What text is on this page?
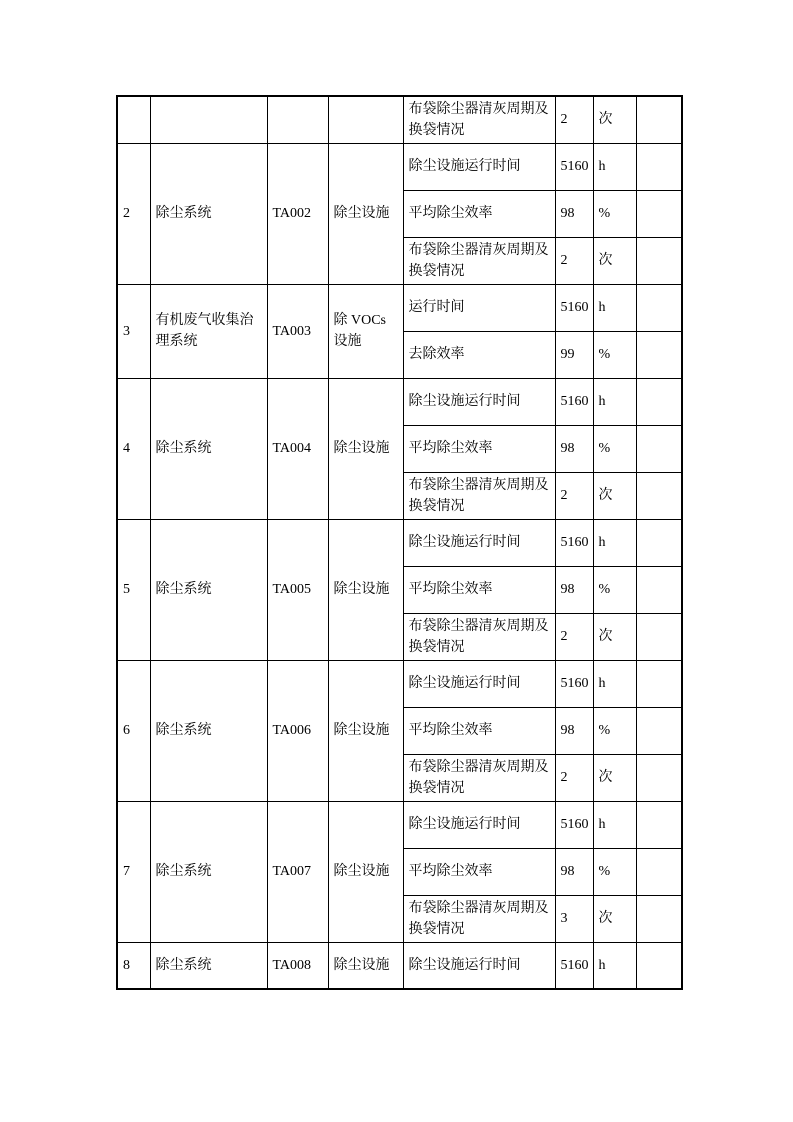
				布袋除尘器清灰周期及换袋情况	2	次	
2	除尘系统	TA002	除尘设施	除尘设施运行时间	5160	h	
				平均除尘效率	98	%	
				布袋除尘器清灰周期及换袋情况	2	次	
3	有机废气收集治理系统	TA003	除 VOCs 设施	运行时间	5160	h	
				去除效率	99	%	
4	除尘系统	TA004	除尘设施	除尘设施运行时间	5160	h	
				平均除尘效率	98	%	
				布袋除尘器清灰周期及换袋情况	2	次	
5	除尘系统	TA005	除尘设施	除尘设施运行时间	5160	h	
				平均除尘效率	98	%	
				布袋除尘器清灰周期及换袋情况	2	次	
6	除尘系统	TA006	除尘设施	除尘设施运行时间	5160	h	
				平均除尘效率	98	%	
				布袋除尘器清灰周期及换袋情况	2	次	
7	除尘系统	TA007	除尘设施	除尘设施运行时间	5160	h	
				平均除尘效率	98	%	
				布袋除尘器清灰周期及换袋情况	3	次	
8	除尘系统	TA008	除尘设施	除尘设施运行时间	5160	h	
